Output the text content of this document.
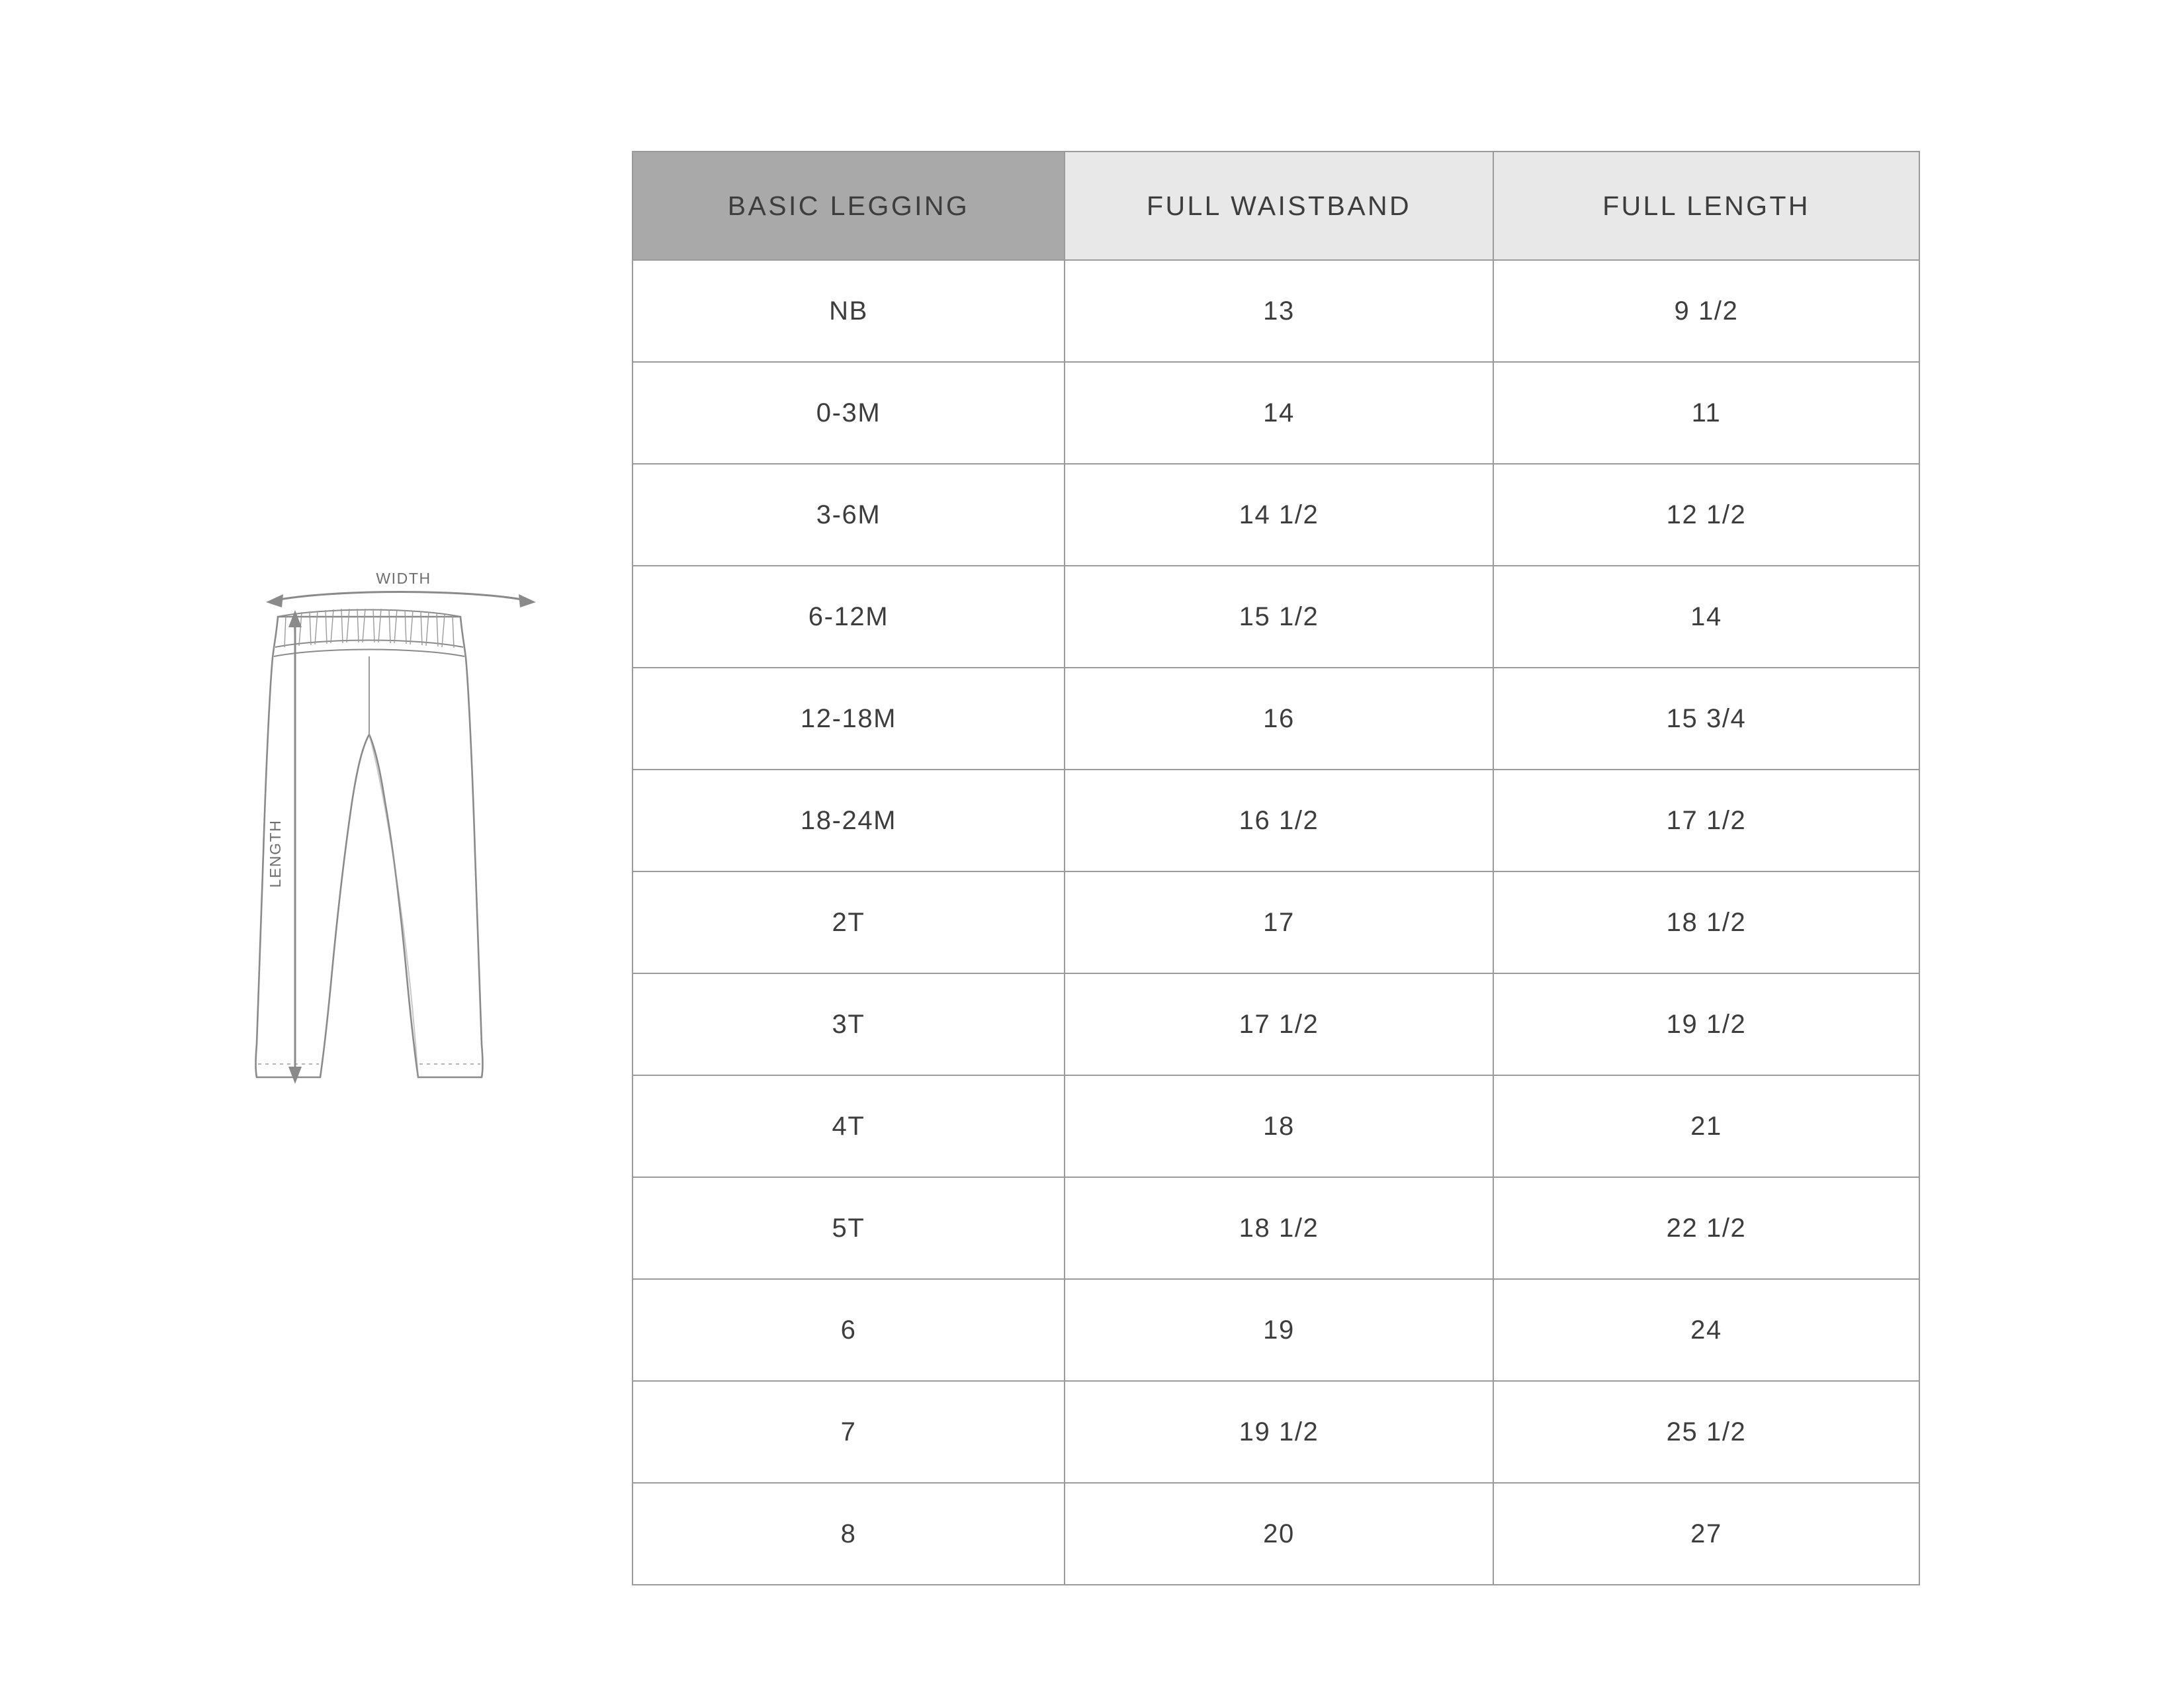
WIDTH
LENGTH
BASIC LEGGING	FULL WAISTBAND	FULL LENGTH
NB	13	9 1/2
0-3M	14	11
3-6M	14 1/2	12 1/2
6-12M	15 1/2	14
12-18M	16	15 3/4
18-24M	16 1/2	17 1/2
2T	17	18 1/2
3T	17 1/2	19 1/2
4T	18	21
5T	18 1/2	22 1/2
6	19	24
7	19 1/2	25 1/2
8	20	27
